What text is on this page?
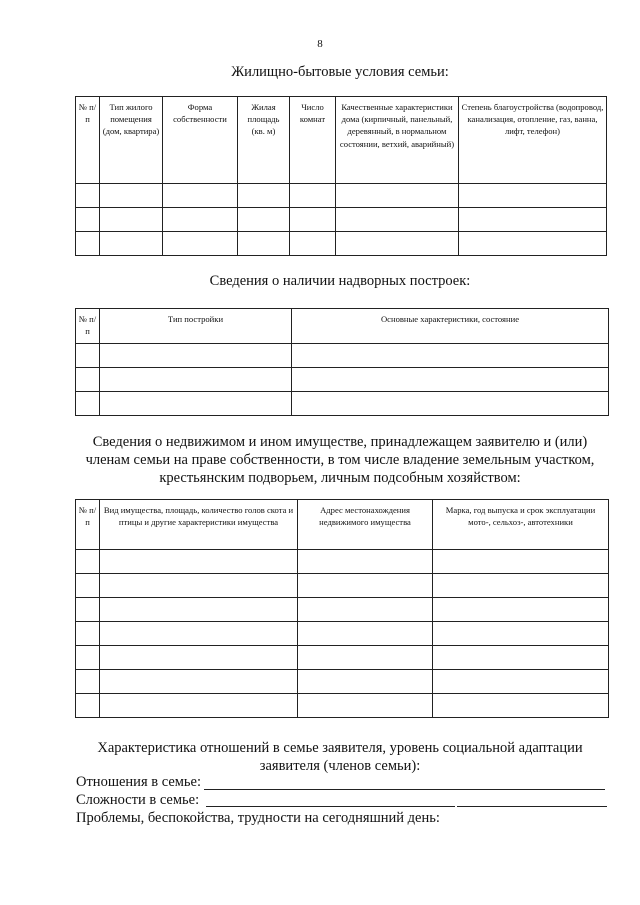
8
Жилищно-бытовые условия семьи:
№ п/п	Тип жилого помещения (дом, квартира)	Форма собственности	Жилая площадь (кв. м)	Число комнат	Качественные характеристики дома (кирпичный, панельный, деревянный, в нормальном состоянии, ветхий, аварийный)	Степень благоустройства (водопровод, канализация, отопление, газ, ванна, лифт, телефон)

Сведения о наличии надворных построек:
№ п/п	Тип постройки	Основные характеристики, состояние

Сведения о недвижимом и ином имуществе, принадлежащем заявителю и (или)
членам семьи на праве собственности, в том числе владение земельным участком,
крестьянским подворьем, личным подсобным хозяйством:
№ п/п	Вид имущества, площадь, количество голов скота и птицы и другие характеристики имущества	Адрес местонахождения недвижимого имущества	Марка, год выпуска и срок эксплуатации мото-, сельхоз-, автотехники

Характеристика отношений в семье заявителя, уровень социальной адаптации
заявителя (членов семьи):
Отношения в семье:
Сложности в семье:
Проблемы, беспокойства, трудности на сегодняшний день:
